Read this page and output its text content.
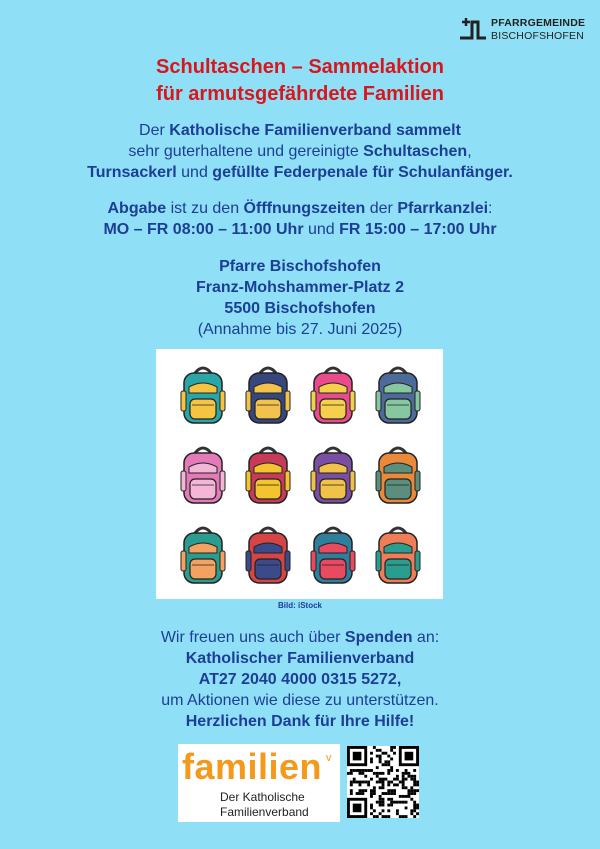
PFARRGEMEINDE
BISCHOFSHOFEN
Schultaschen – Sammelaktion
für armutsgefährdete Familien
Der Katholische Familienverband sammelt
sehr guterhaltene und gereinigte Schultaschen,
Turnsackerl und gefüllte Federpenale für Schulanfänger.
Abgabe ist zu den Öfffnungszeiten der Pfarrkanzlei:
MO – FR 08:00 – 11:00 Uhr und FR 15:00 – 17:00 Uhr
Pfarre Bischofshofen
Franz-Mohshammer-Platz 2
5500 Bischofshofen
(Annahme bis 27. Juni 2025)
Bild: iStock
Wir freuen uns auch über Spenden an:
Katholischer Familienverband
AT27 2040 4000 0315 5272,
um Aktionen wie diese zu unterstützen.
Herzlichen Dank für Ihre Hilfe!
familien v
Der Katholische
Familienverband
